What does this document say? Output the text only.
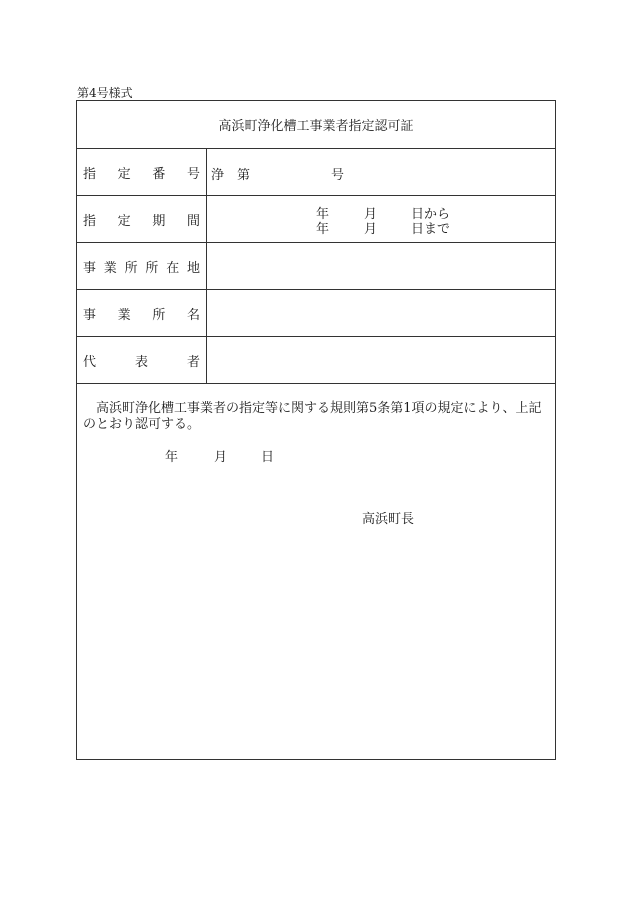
第4号様式
高浜町浄化槽工事業者指定認可証
指 定 番 号 浄 第	号
指 定 期 間	年	月	日から
年	月	日まで
事 業 所 所 在 地
事 業 所 名
代	表	者
高浜町浄化槽工事業者の指定等に関する規則第5条第1項の規定により、上記のとおり認可する。
年	月	日
高浜町長
